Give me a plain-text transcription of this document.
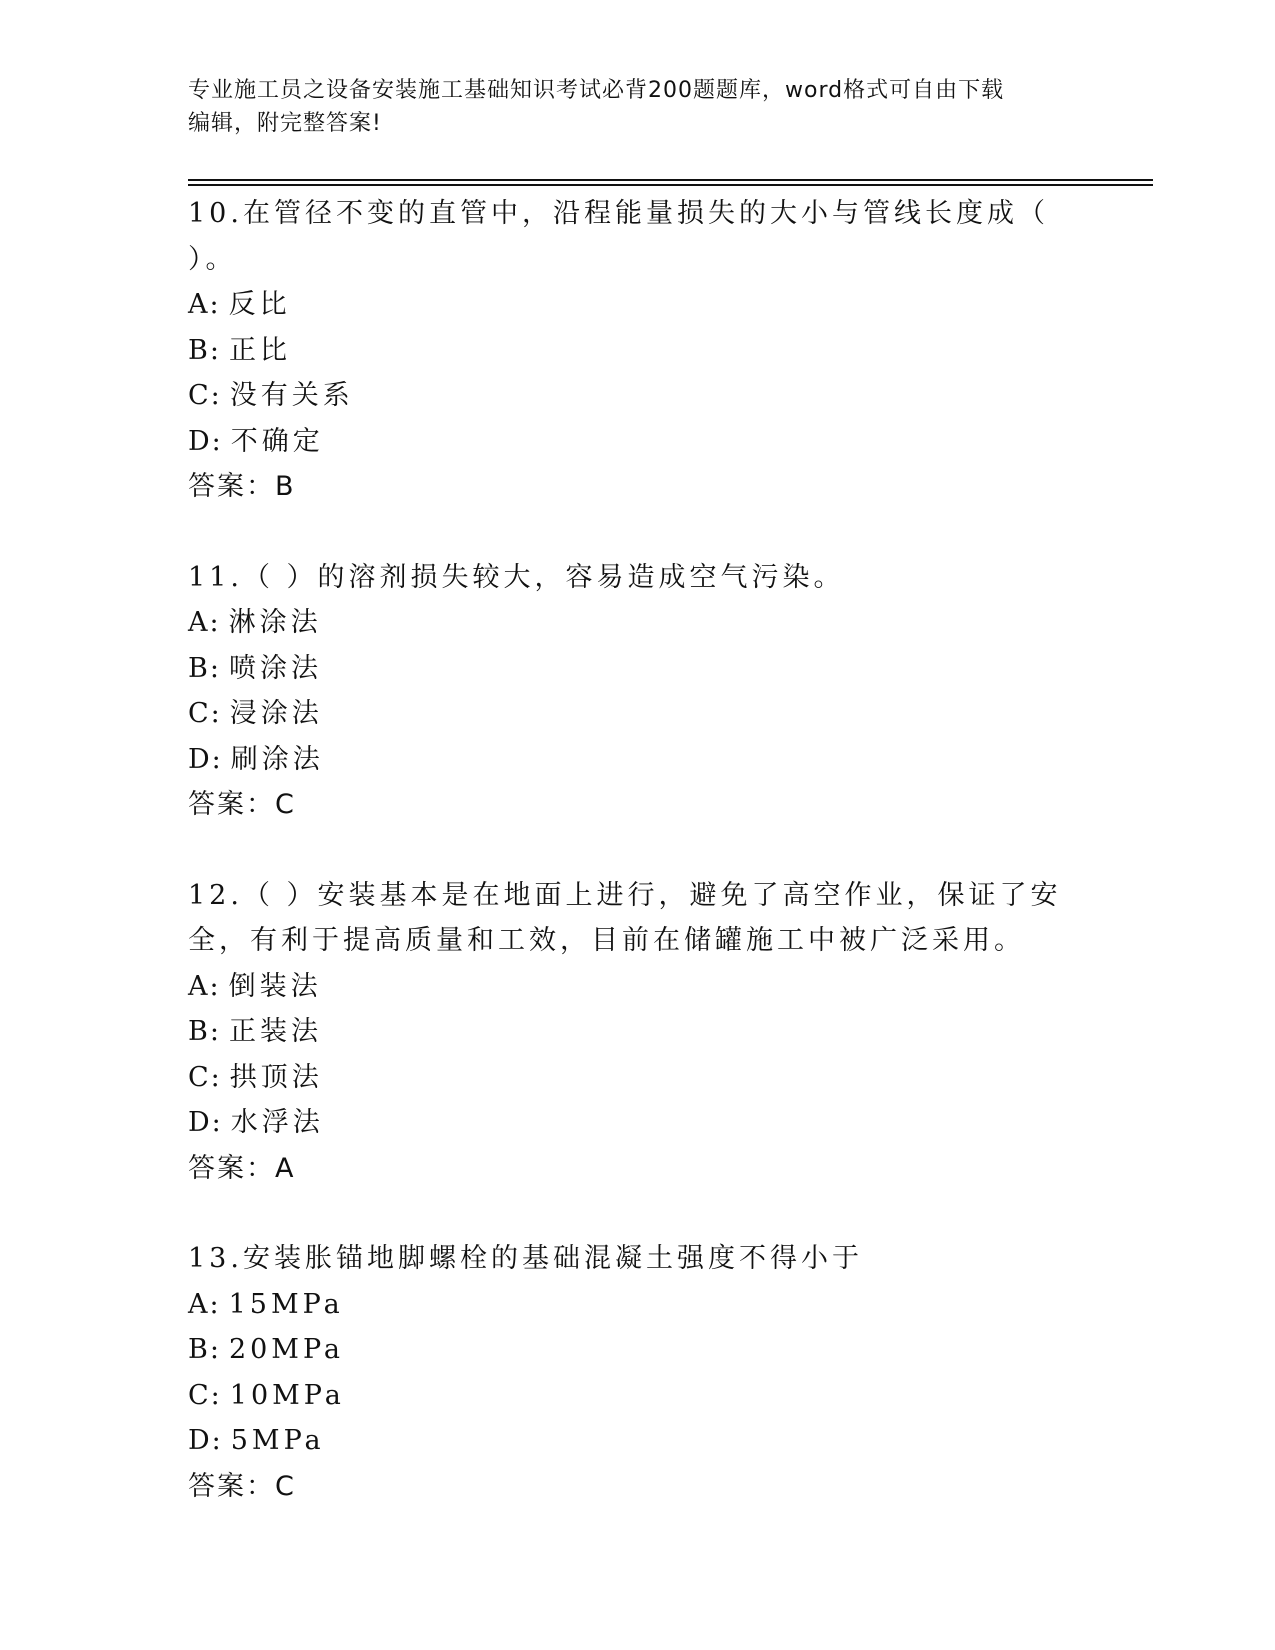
专业施工员之设备安装施工基础知识考试必背200题题库，word格式可自由下载
编辑，附完整答案!

10.在管径不变的直管中，沿程能量损失的大小与管线长度成（ ）。

A: 反比

B: 正比

C: 没有关系

D: 不确定

答案：B

11.（ ）的溶剂损失较大，容易造成空气污染。

A: 淋涂法

B: 喷涂法

C: 浸涂法

D: 刷涂法

答案：C

12.（ ）安装基本是在地面上进行，避免了高空作业，保证了安全，有利于提高质量和工效，目前在储罐施工中被广泛采用。

A: 倒装法

B: 正装法

C: 拱顶法

D: 水浮法

答案：A

13.安装胀锚地脚螺栓的基础混凝土强度不得小于

A: 15MPa

B: 20MPa

C: 10MPa

D: 5MPa

答案：C
